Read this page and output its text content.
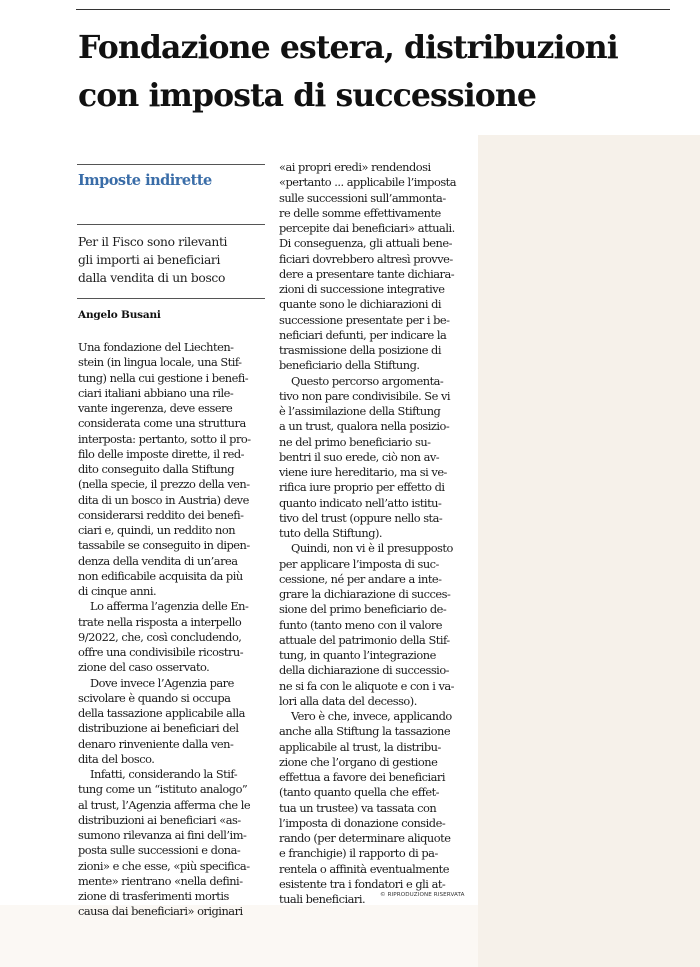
Fondazione estera, distribuzioni
con imposta di successione

Imposte indirette

Per il Fisco sono rilevanti
gli importi ai beneficiari
dalla vendita di un bosco

Angelo Busani

Una fondazione del Liechten-
stein (in lingua locale, una Stif-
tung) nella cui gestione i benefi-
ciari italiani abbiano una rile-
vante ingerenza, deve essere
considerata come una struttura
interposta: pertanto, sotto il pro-
filo delle imposte dirette, il red-
dito conseguito dalla Stiftung
(nella specie, il prezzo della ven-
dita di un bosco in Austria) deve
considerarsi reddito dei benefi-
ciari e, quindi, un reddito non
tassabile se conseguito in dipen-
denza della vendita di un’area
non edificabile acquisita da più
di cinque anni.
Lo afferma l’agenzia delle En-
trate nella risposta a interpello
9/2022, che, così concludendo,
offre una condivisibile ricostru-
zione del caso osservato.
Dove invece l’Agenzia pare
scivolare è quando si occupa
della tassazione applicabile alla
distribuzione ai beneficiari del
denaro rinveniente dalla ven-
dita del bosco.
Infatti, considerando la Stif-
tung come un “istituto analogo”
al trust, l’Agenzia afferma che le
distribuzioni ai beneficiari «as-
sumono rilevanza ai fini dell’im-
posta sulle successioni e dona-
zioni» e che esse, «più specifica-
mente» rientrano «nella defini-
zione di trasferimenti mortis
causa dai beneficiari» originari
«ai propri eredi» rendendosi
«pertanto ... applicabile l’imposta
sulle successioni sull’ammonta-
re delle somme effettivamente
percepite dai beneficiari» attuali.
Di conseguenza, gli attuali bene-
ficiari dovrebbero altresì provve-
dere a presentare tante dichiara-
zioni di successione integrative
quante sono le dichiarazioni di
successione presentate per i be-
neficiari defunti, per indicare la
trasmissione della posizione di
beneficiario della Stiftung.
Questo percorso argomenta-
tivo non pare condivisibile. Se vi
è l’assimilazione della Stiftung
a un trust, qualora nella posizio-
ne del primo beneficiario su-
bentri il suo erede, ciò non av-
viene iure hereditario, ma si ve-
rifica iure proprio per effetto di
quanto indicato nell’atto istitu-
tivo del trust (oppure nello sta-
tuto della Stiftung).
Quindi, non vi è il presupposto
per applicare l’imposta di suc-
cessione, né per andare a inte-
grare la dichiarazione di succes-
sione del primo beneficiario de-
funto (tanto meno con il valore
attuale del patrimonio della Stif-
tung, in quanto l’integrazione
della dichiarazione di successio-
ne si fa con le aliquote e con i va-
lori alla data del decesso).
Vero è che, invece, applicando
anche alla Stiftung la tassazione
applicabile al trust, la distribu-
zione che l’organo di gestione
effettua a favore dei beneficiari
(tanto quanto quella che effet-
tua un trustee) va tassata con
l’imposta di donazione conside-
rando (per determinare aliquote
e franchigie) il rapporto di pa-
rentela o affinità eventualmente
esistente tra i fondatori e gli at-
tuali beneficiari.	© RIPRODUZIONE RISERVATA
